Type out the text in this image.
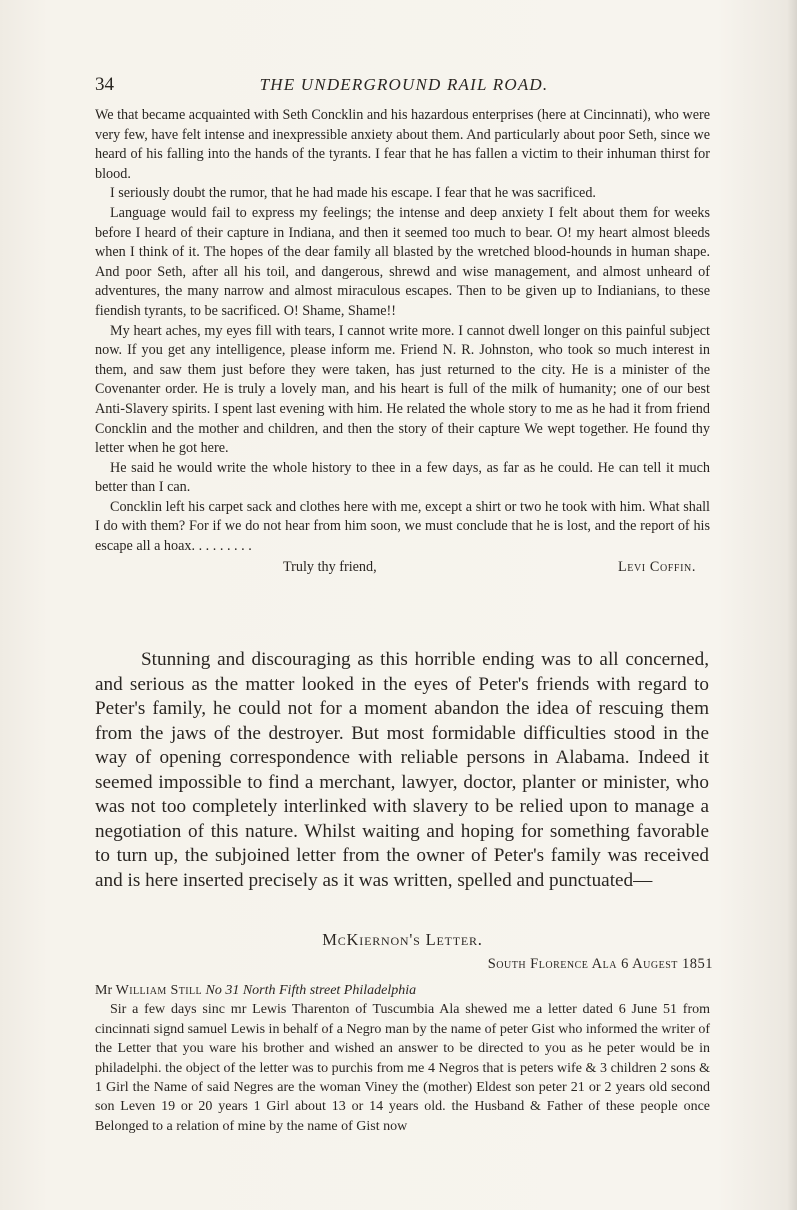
34	THE UNDERGROUND RAIL ROAD.

We that became acquainted with Seth Concklin and his hazardous enterprises (here at Cincinnati), who were very few, have felt intense and inexpressible anxiety about them. And particularly about poor Seth, since we heard of his falling into the hands of the tyrants. I fear that he has fallen a victim to their inhuman thirst for blood.

I seriously doubt the rumor, that he had made his escape. I fear that he was sacrificed.

Language would fail to express my feelings; the intense and deep anxiety I felt about them for weeks before I heard of their capture in Indiana, and then it seemed too much to bear. O! my heart almost bleeds when I think of it. The hopes of the dear family all blasted by the wretched blood-hounds in human shape. And poor Seth, after all his toil, and dangerous, shrewd and wise management, and almost unheard of adventures, the many narrow and almost miraculous escapes. Then to be given up to Indianians, to these fiendish tyrants, to be sacrificed. O! Shame, Shame!!

My heart aches, my eyes fill with tears, I cannot write more. I cannot dwell longer on this painful subject now. If you get any intelligence, please inform me. Friend N. R. Johnston, who took so much interest in them, and saw them just before they were taken, has just returned to the city. He is a minister of the Covenanter order. He is truly a lovely man, and his heart is full of the milk of humanity; one of our best Anti-Slavery spirits. I spent last evening with him. He related the whole story to me as he had it from friend Concklin and the mother and children, and then the story of their capture We wept together. He found thy letter when he got here.

He said he would write the whole history to thee in a few days, as far as he could. He can tell it much better than I can.

Concklin left his carpet sack and clothes here with me, except a shirt or two he took with him. What shall I do with them? For if we do not hear from him soon, we must conclude that he is lost, and the report of his escape all a hoax. . . . . . . . .

Truly thy friend,	Levi Coffin.

Stunning and discouraging as this horrible ending was to all concerned, and serious as the matter looked in the eyes of Peter's friends with regard to Peter's family, he could not for a moment abandon the idea of rescuing them from the jaws of the destroyer. But most formidable difficulties stood in the way of opening correspondence with reliable persons in Alabama. Indeed it seemed impossible to find a merchant, lawyer, doctor, planter or minister, who was not too completely interlinked with slavery to be relied upon to manage a negotiation of this nature. Whilst waiting and hoping for something favorable to turn up, the subjoined letter from the owner of Peter's family was received and is here inserted precisely as it was written, spelled and punctuated—

McKiernon's Letter.
South Florence Ala 6 Augest 1851

Mr William Still No 31 North Fifth street Philadelphia

Sir a few days sinc mr Lewis Tharenton of Tuscumbia Ala shewed me a letter dated 6 June 51 from cincinnati signd samuel Lewis in behalf of a Negro man by the name of peter Gist who informed the writer of the Letter that you ware his brother and wished an answer to be directed to you as he peter would be in philadelphi. the object of the letter was to purchis from me 4 Negros that is peters wife & 3 children 2 sons & 1 Girl the Name of said Negres are the woman Viney the (mother) Eldest son peter 21 or 2 years old second son Leven 19 or 20 years 1 Girl about 13 or 14 years old. the Husband & Father of these people once Belonged to a relation of mine by the name of Gist now
